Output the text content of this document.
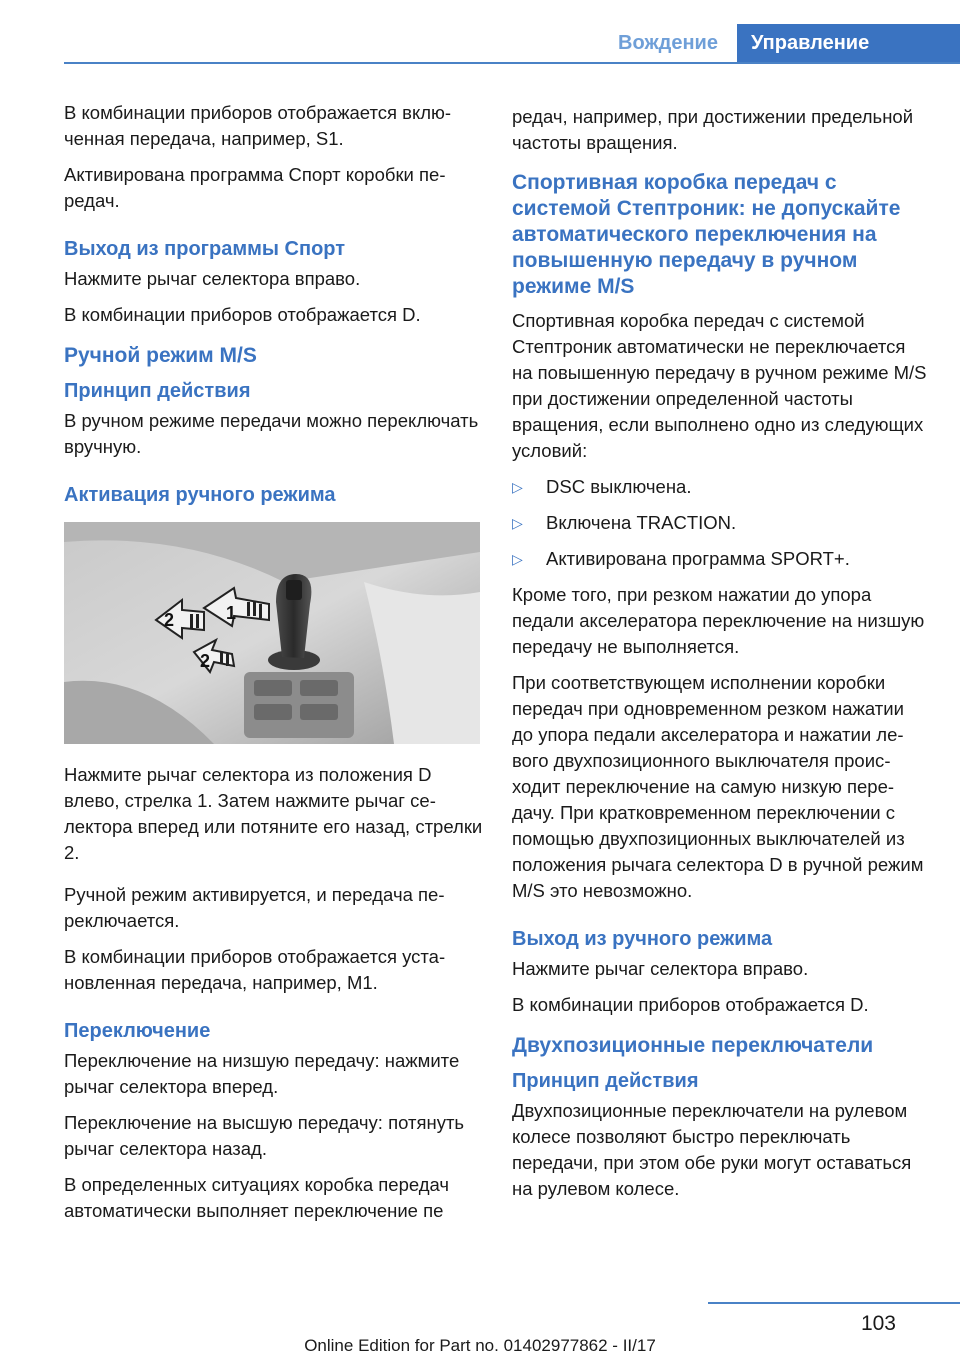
Вождение	Управление

В комбинации приборов отображается включенная передача, например, S1.

Активирована программа Спорт коробки передач.

Выход из программы Спорт

Нажмите рычаг селектора вправо.

В комбинации приборов отображается D.

Ручной режим M/S
Принцип действия

В ручном режиме передачи можно переключать вручную.

Активация ручного режима
1
2
2

Нажмите рычаг селектора из положения D влево, стрелка 1. Затем нажмите рычаг селектора вперед или потяните его назад, стрелки 2.

Ручной режим активируется, и передача переключается.

В комбинации приборов отображается установленная передача, например, M1.

Переключение

Переключение на низшую передачу: нажмите рычаг селектора вперед.

Переключение на высшую передачу: потянуть рычаг селектора назад.

В определенных ситуациях коробка передач автоматически выполняет переключение пе

редач, например, при достижении предельной частоты вращения.

Спортивная коробка передач с системой Стептроник: не допускайте автоматического переключения на повышенную передачу в ручном режиме M/S

Спортивная коробка передач с системой Стептроник автоматически не переключается на повышенную передачу в ручном режиме M/S при достижении определенной частоты вращения, если выполнено одно из следующих условий:

▷	DSC выключена.
▷	Включена TRACTION.
▷	Активирована программа SPORT+.

Кроме того, при резком нажатии до упора педали акселератора переключение на низшую передачу не выполняется.

При соответствующем исполнении коробки передач при одновременном резком нажатии до упора педали акселератора и нажатии левого двухпозиционного выключателя происходит переключение на самую низкую передачу. При кратковременном переключении с помощью двухпозиционных выключателей из положения рычага селектора D в ручной режим M/S это невозможно.

Выход из ручного режима

Нажмите рычаг селектора вправо.

В комбинации приборов отображается D.

Двухпозиционные переключатели
Принцип действия

Двухпозиционные переключатели на рулевом колесе позволяют быстро переключать передачи, при этом обе руки могут оставаться на рулевом колесе.

103
Online Edition for Part no. 01402977862 - II/17
